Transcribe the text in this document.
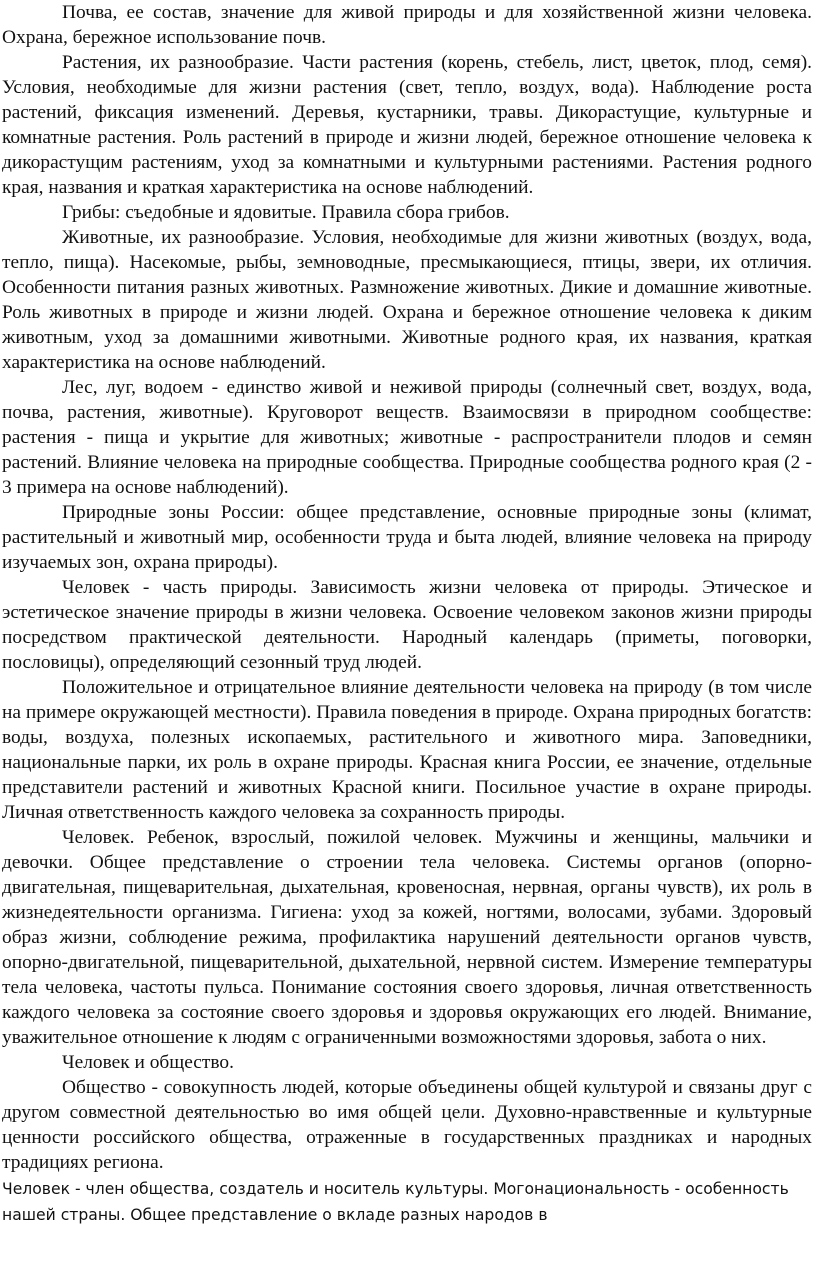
Почва, ее состав, значение для живой природы и для хозяйственной жизни человека. Охрана, бережное использование почв.

Растения, их разнообразие. Части растения (корень, стебель, лист, цветок, плод, семя). Условия, необходимые для жизни растения (свет, тепло, воздух, вода). Наблюдение роста растений, фиксация изменений. Деревья, кустарники, травы. Дикорастущие, культурные и комнатные растения. Роль растений в природе и жизни людей, бережное отношение человека к дикорастущим растениям, уход за комнатными и культурными растениями. Растения родного края, названия и краткая характеристика на основе наблюдений.

Грибы: съедобные и ядовитые. Правила сбора грибов.

Животные, их разнообразие. Условия, необходимые для жизни животных (воздух, вода, тепло, пища). Насекомые, рыбы, земноводные, пресмыкающиеся, птицы, звери, их отличия. Особенности питания разных животных. Размножение животных. Дикие и домашние животные. Роль животных в природе и жизни людей. Охрана и бережное отношение человека к диким животным, уход за домашними животными. Животные родного края, их названия, краткая характеристика на основе наблюдений.

Лес, луг, водоем - единство живой и неживой природы (солнечный свет, воздух, вода, почва, растения, животные). Круговорот веществ. Взаимосвязи в природном сообществе: растения - пища и укрытие для животных; животные - распространители плодов и семян растений. Влияние человека на природные сообщества. Природные сообщества родного края (2 - 3 примера на основе наблюдений).

Природные зоны России: общее представление, основные природные зоны (климат, растительный и животный мир, особенности труда и быта людей, влияние человека на природу изучаемых зон, охрана природы).

Человек - часть природы. Зависимость жизни человека от природы. Этическое и эстетическое значение природы в жизни человека. Освоение человеком законов жизни природы посредством практической деятельности. Народный календарь (приметы, поговорки, пословицы), определяющий сезонный труд людей.

Положительное и отрицательное влияние деятельности человека на природу (в том числе на примере окружающей местности). Правила поведения в природе. Охрана природных богатств: воды, воздуха, полезных ископаемых, растительного и животного мира. Заповедники, национальные парки, их роль в охране природы. Красная книга России, ее значение, отдельные представители растений и животных Красной книги. Посильное участие в охране природы. Личная ответственность каждого человека за сохранность природы.

Человек. Ребенок, взрослый, пожилой человек. Мужчины и женщины, мальчики и девочки. Общее представление о строении тела человека. Системы органов (опорно-двигательная, пищеварительная, дыхательная, кровеносная, нервная, органы чувств), их роль в жизнедеятельности организма. Гигиена: уход за кожей, ногтями, волосами, зубами. Здоровый образ жизни, соблюдение режима, профилактика нарушений деятельности органов чувств, опорно-двигательной, пищеварительной, дыхательной, нервной систем. Измерение температуры тела человека, частоты пульса. Понимание состояния своего здоровья, личная ответственность каждого человека за состояние своего здоровья и здоровья окружающих его людей. Внимание, уважительное отношение к людям с ограниченными возможностями здоровья, забота о них.

Человек и общество.

Общество - совокупность людей, которые объединены общей культурой и связаны друг с другом совместной деятельностью во имя общей цели. Духовно-нравственные и культурные ценности российского общества, отраженные в государственных праздниках и народных традициях региона.

Человек - член общества, создатель и носитель культуры. Могонациональность - особенность

нашей страны. Общее представление о вкладе разных народов в
